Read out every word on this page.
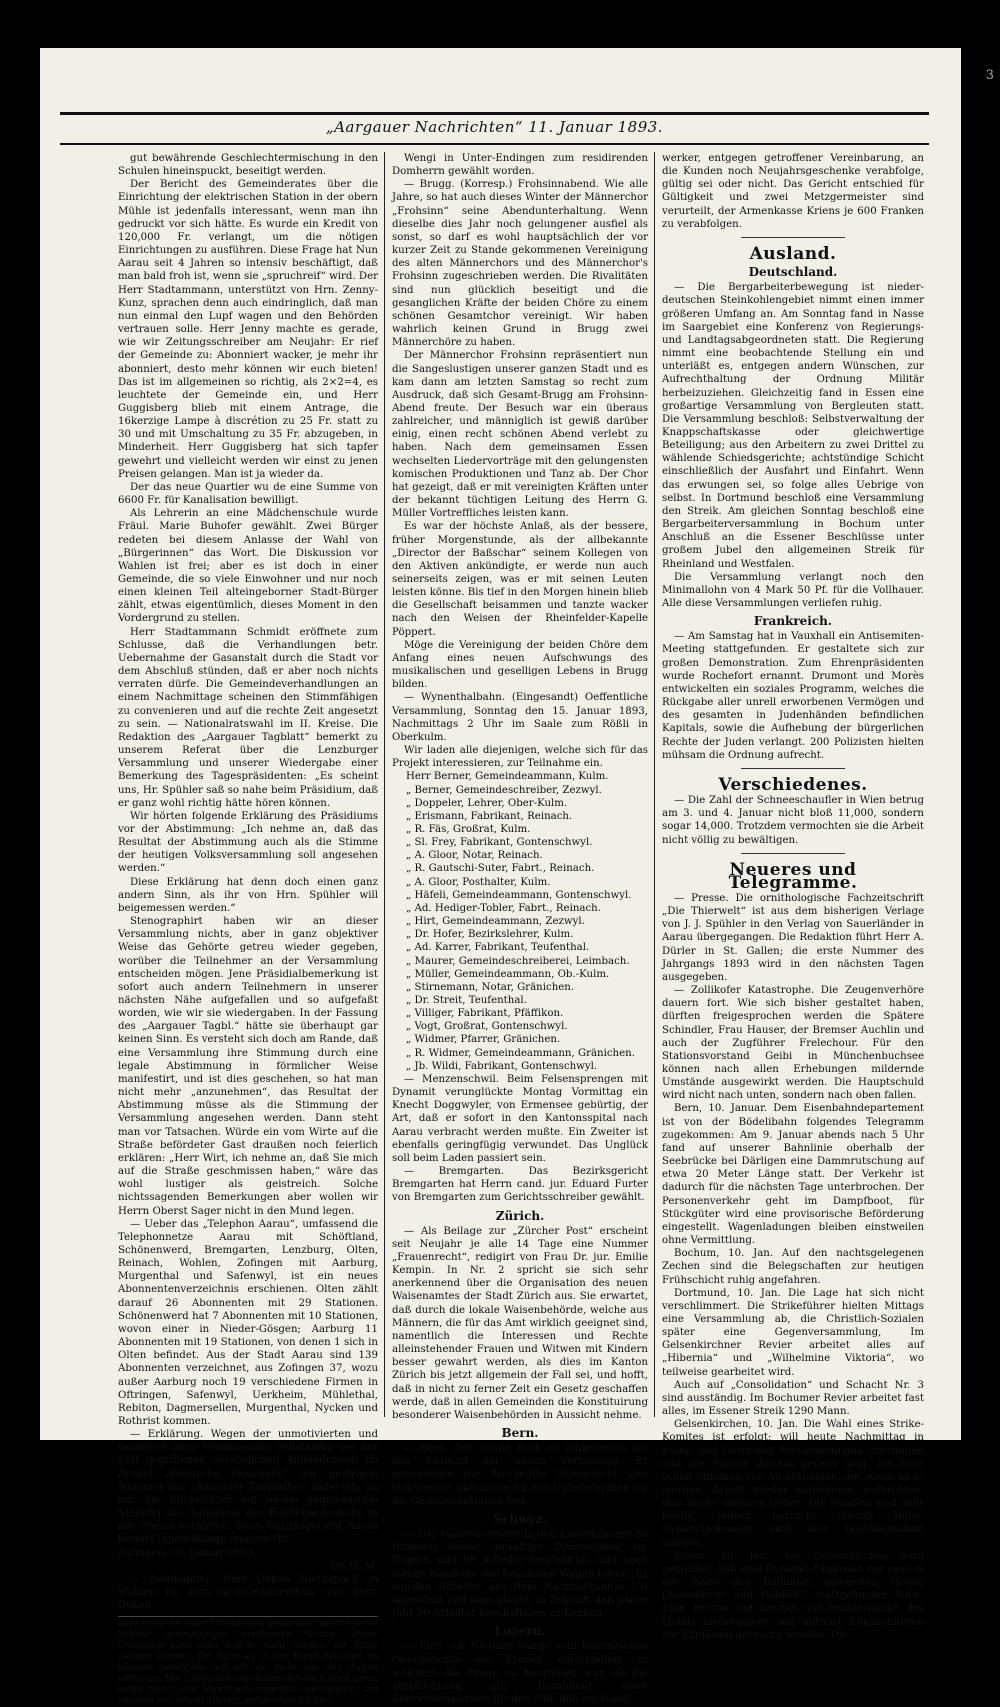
3
„Aargauer Nachrichten“ 11. Januar 1893.

gut bewährende Geschlechtermischung in den Schulen hineinspuckt, beseitigt werden.

Der Bericht des Gemeinderates über die Einrichtung der elektrischen Station in der obern Mühle ist jedenfalls interessant, wenn man ihn gedruckt vor sich hätte. Es wurde ein Kredit von 120,000 Fr. verlangt, um die nötigen Einrichtungen zu ausführen. Diese Frage hat Nun Aarau seit 4 Jahren so intensiv beschäftigt, daß man bald froh ist, wenn sie „spruchreif“ wird. Der Herr Stadtammann, unterstützt von Hrn. Zenny-Kunz, sprachen denn auch eindringlich, daß man nun einmal den Lupf wagen und den Behörden vertrauen solle. Herr Jenny machte es gerade, wie wir Zeitungsschreiber am Neujahr: Er rief der Gemeinde zu: Abonniert wacker, je mehr ihr abonniert, desto mehr können wir euch bieten! Das ist im allgemeinen so richtig, als 2×2=4, es leuchtete der Gemeinde ein, und Herr Guggisberg blieb mit einem Antrage, die 16kerzige Lampe à discrétion zu 25 Fr. statt zu 30 und mit Umschaltung zu 35 Fr. abzugeben, in Minderheit. Herr Guggisberg hat sich tapfer gewehrt und vielleicht werden wir einst zu jenen Preisen gelangen. Man ist ja wieder da.

Der das neue Quartier wu de eine Summe von 6600 Fr. für Kanalisation bewilligt.

Als Lehrerin an eine Mädchenschule wurde Fräul. Marie Buhofer gewählt. Zwei Bürger redeten bei diesem Anlasse der Wahl von „Bürgerinnen“ das Wort. Die Diskussion vor Wahlen ist frei; aber es ist doch in einer Gemeinde, die so viele Einwohner und nur noch einen kleinen Teil alteingeborner Stadt-Bürger zählt, etwas eigentümlich, dieses Moment in den Vordergrund zu stellen.

Herr Stadtammann Schmidt eröffnete zum Schlusse, daß die Verhandlungen betr. Uebernahme der Gasanstalt durch die Stadt vor dem Abschluß stünden, daß er aber noch nichts verraten dürfe. Die Gemeindeverhandlungen an einem Nachmittage scheinen den Stimmfähigen zu convenieren und auf die rechte Zeit angesetzt zu sein. — Nationalratswahl im II. Kreise. Die Redaktion des „Aargauer Tagblatt“ bemerkt zu unserem Referat über die Lenzburger Versammlung und unserer Wiedergabe einer Bemerkung des Tagespräsidenten: „Es scheint uns, Hr. Spühler saß so nahe beim Präsidium, daß er ganz wohl richtig hätte hören können.

Wir hörten folgende Erklärung des Präsidiums vor der Abstimmung: „Ich nehme an, daß das Resultat der Abstimmung auch als die Stimme der heutigen Volksversammlung soll angesehen werden.“

Diese Erklärung hat denn doch einen ganz andern Sinn, als ihr von Hrn. Spühler will beigemessen werden.“

Stenographirt haben wir an dieser Versammlung nichts, aber in ganz objektiver Weise das Gehörte getreu wieder gegeben, worüber die Teilnehmer an der Versammlung entscheiden mögen. Jene Präsidialbemerkung ist sofort auch andern Teilnehmern in unserer nächsten Nähe aufgefallen und so aufgefaßt worden, wie wir sie wiedergaben. In der Fassung des „Aargauer Tagbl.“ hätte sie überhaupt gar keinen Sinn. Es versteht sich doch am Rande, daß eine Versammlung ihre Stimmung durch eine legale Abstimmung in förmlicher Weise manifestirt, und ist dies geschehen, so hat man nicht mehr „anzunehmen“, das Resultat der Abstimmung müsse als die Stimmung der Versammlung angesehen werden. Dann steht man vor Tatsachen. Würde ein vom Wirte auf die Straße befördeter Gast draußen noch feierlich erklären: „Herr Wirt, ich nehme an, daß Sie mich auf die Straße geschmissen haben,“ wäre das wohl lustiger als geistreich. Solche nichtssagenden Bemerkungen aber wollen wir Herrn Oberst Sager nicht in den Mund legen.

— Ueber das „Telephon Aarau“, umfassend die Telephonnetze Aarau mit Schöftland, Schönenwerd, Bremgarten, Lenzburg, Olten, Reinach, Wohlen, Zofingen mit Aarburg, Murgenthal und Safenwyl, ist ein neues Abonnentenverzeichnis erschienen. Olten zählt darauf 26 Abonnenten mit 29 Stationen. Schönenwerd hat 7 Abonnenten mit 10 Stationen, wovon einer in Nieder-Gösgen; Aarburg 11 Abonnenten mit 19 Stationen, von denen 1 sich in Olten befindet. Aus der Stadt Aarau sind 139 Abonnenten verzeichnet, aus Zofingen 37, wozu außer Aarburg noch 19 verschiedene Firmen in Oftringen, Safenwyl, Uerkheim, Mühlethal, Rebiton, Dagmersellen, Murgenthal, Nycken und Rothrist kommen.

— Erklärung. Wegen der unmotivierten und bezüglich ihrer Veranlassung vollständig aus der Luft gegriffenen persönlichen Anfeindungen im Artikel „Politische Heuchelei“ der gestrigen Nummer des „Aargauer Tagblattes“ habe ich, da mir die Rücksichten auf meine gegenwärtige Stellung die Aufnahme des Fehdehandschuhs in der Presse verbieten, beim Bezirksgericht Aarau bereits Injurienklage eingereicht.

Zofingen, 10. Januar 1893.

Dr. H. M.

— Domkapitel. Herr Dekan Nietlispach in Wohlen ist zum nichtresidirenden, und Herr Dekan

oder er ist es unter Umständen geworden, welche seine Schuld geringfügiger erscheinen lassen. Diese Umstände kann aber will er nicht nennen. Ich hätte nennen können. Ich hatte es in der Hand behalten zu können, jedenfalls will ich sie nicht aus den Augen verlieren. Die Untersuchung müßte mir doch noch ganz, wenn nicht jede Voreingenommenheit verbleiben, am ehesten von einem älteren, erfahrenen Richter.

Wengi in Unter-Endingen zum residirenden Domherrn gewählt worden.

— Brugg. (Korresp.) Frohsinnabend. Wie alle Jahre, so hat auch dieses Winter der Männerchor „Frohsinn“ seine Abendunterhaltung. Wenn dieselbe dies Jahr noch gelungener ausfiel als sonst, so darf es wohl hauptsächlich der vor kurzer Zeit zu Stande gekommenen Vereinigung des alten Männerchors und des Männerchor's Frohsinn zugeschrieben werden. Die Rivalitäten sind nun glücklich beseitigt und die gesanglichen Kräfte der beiden Chöre zu einem schönen Gesamtchor vereinigt. Wir haben wahrlich keinen Grund in Brugg zwei Männerchöre zu haben.

Der Männerchor Frohsinn repräsentiert nun die Sangeslustigen unserer ganzen Stadt und es kam dann am letzten Samstag so recht zum Ausdruck, daß sich Gesamt-Brugg am Frohsinn-Abend freute. Der Besuch war ein überaus zahlreicher, und männiglich ist gewiß darüber einig, einen recht schönen Abend verlebt zu haben. Nach dem gemeinsamen Essen wechselten Liedervorträge mit den gelungensten komischen Produktionen und Tanz ab. Der Chor hat gezeigt, daß er mit vereinigten Kräften unter der bekannt tüchtigen Leitung des Herrn G. Müller Vortreffliches leisten kann.

Es war der höchste Anlaß, als der bessere, früher Morgenstunde, als der allbekannte „Director der Baßschar“ seinem Kollegen von den Aktiven ankündigte, er werde nun auch seinerseits zeigen, was er mit seinen Leuten leisten könne. Bis tief in den Morgen hinein blieb die Gesellschaft beisammen und tanzte wacker nach den Weisen der Rheinfelder-Kapelle Pöppert.

Möge die Vereinigung der beiden Chöre dem Anfang eines neuen Aufschwungs des musikalischen und geselligen Lebens in Brugg bilden.

— Wynenthalbahn. (Eingesandt) Oeffentliche Versammlung, Sonntag den 15. Januar 1893, Nachmittags 2 Uhr im Saale zum Rößli in Oberkulm.

Wir laden alle diejenigen, welche sich für das Projekt interessieren, zur Teilnahme ein.

Herr Berner, Gemeindeammann, Kulm.

„ Berner, Gemeindeschreiber, Zezwyl.

„ Doppeler, Lehrer, Ober-Kulm.

„ Erismann, Fabrikant, Reinach.

„ R. Fäs, Großrat, Kulm.

„ Sl. Frey, Fabrikant, Gontenschwyl.

„ A. Gloor, Notar, Reinach.

„ R. Gautschi-Suter, Fabrt., Reinach.

„ A. Gloor, Posthalter, Kulm.

„ Häfeli, Gemeindeammann, Gontenschwyl.

„ Ad. Hediger-Tobler, Fabrt., Reinach.

„ Hirt, Gemeindeammann, Zezwyl.

„ Dr. Hofer, Bezirkslehrer, Kulm.

„ Ad. Karrer, Fabrikant, Teufenthal.

„ Maurer, Gemeindeschreiberei, Leimbach.

„ Müller, Gemeindeammann, Ob.-Kulm.

„ Stirnemann, Notar, Gränichen.

„ Dr. Streit, Teufenthal.

„ Villiger, Fabrikant, Pfäffikon.

„ Vogt, Großrat, Gontenschwyl.

„ Widmer, Pfarrer, Gränichen.

„ R. Widmer, Gemeindeammann, Gränichen.

„ Jb. Wildi, Fabrikant, Gontenschwyl.

— Menzenschwil. Beim Felsensprengen mit Dynamit verunglückte Montag Vormittag ein Knecht Doggwyler, von Ermensee gebürtig, der Art, daß er sofort in den Kantonsspital nach Aarau verbracht werden mußte. Ein Zweiter ist ebenfalls geringfügig verwundet. Das Unglück soll beim Laden passiert sein.

— Bremgarten. Das Bezirksgericht Bremgarten hat Herrn cand. jur. Eduard Furter von Bremgarten zum Gerichtsschreiber gewählt.

Zürich.

— Als Beilage zur „Zürcher Post“ erscheint seit Neujahr je alle 14 Tage eine Nummer „Frauenrecht“, redigirt von Frau Dr. jur. Emilie Kempin. In Nr. 2 spricht sie sich sehr anerkennend über die Organisation des neuen Waisenamtes der Stadt Zürich aus. Sie erwartet, daß durch die lokale Waisenbehörde, welche aus Männern, die für das Amt wirklich geeignet sind, namentlich die Interessen und Rechte alleinstehender Frauen und Witwen mit Kindern besser gewahrt werden, als dies im Kanton Zürich bis jetzt allgemein der Fall sei, und hofft, daß in nicht zu ferner Zeit ein Gesetz geschaffen werde, daß in allen Gemeinden die Konstituirung besonderer Waisenbehörden in Aussicht nehme.

Bern.

— Bern. Der Große Rath ist eingetreten auf den Entwurf der neuen Verfassung. Er genehmigte die Abschnitte Stimmrecht und Volksrechte und setzte 12,000 Unterschriften für die Gesetzesinitiative fest.

Schwyz.

— Der Waarenverkehr in den Lagerhäusern zu Brunnen nimmt gewaltige Dimensionen an. Täglich sind 90 Arbeiter beschäftigt, und noch stehen hunderte von beladenen Wagen bereit. Es wurden Arbeiter aus dem Nachbarkanton Uri angestellt und man glaubt, in Zukunft daß ganze Jahr 50 Arbeiter beschäftigen zu können.

Luzern.

— Kurz vor Neujahr wurde vom luzernischen Obergerichte ein Prozeß entschieden, in welchem die Frage zu beurteilen war, ob die Verpflichtung zur Bezahlung einer Konventionalstrafe für den Fall, daß ein Hand-

werker, entgegen getroffener Vereinbarung, an die Kunden noch Neujahrsgeschenke verabfolge, gültig sei oder nicht. Das Gericht entschied für Gültigkeit und zwei Metzgermeister sind verurteilt, der Armenkasse Kriens je 600 Franken zu verabfolgen.

Ausland.
Deutschland.

— Die Bergarbeiterbewegung ist nieder-deutschen Steinkohlengebiet nimmt einen immer größeren Umfang an. Am Sonntag fand in Nasse im Saargebiet eine Konferenz von Regierungs- und Landtagsabgeordneten statt. Die Regierung nimmt eine beobachtende Stellung ein und unterläßt es, entgegen andern Wünschen, zur Aufrechthaltung der Ordnung Militär herbeizuziehen. Gleichzeitig fand in Essen eine großartige Versammlung von Bergleuten statt. Die Versammlung beschloß: Selbstverwaltung der Knappschaftskasse oder gleichwertige Beteiligung; aus den Arbeitern zu zwei Drittel zu wählende Schiedsgerichte; achtstündige Schicht einschließlich der Ausfahrt und Einfahrt. Wenn das erwungen sei, so folge alles Uebrige von selbst. In Dortmund beschloß eine Versammlung den Streik. Am gleichen Sonntag beschloß eine Bergarbeiterversammlung in Bochum unter Anschluß an die Essener Beschlüsse unter großem Jubel den allgemeinen Streik für Rheinland und Westfalen.

Die Versammlung verlangt noch den Minimallohn von 4 Mark 50 Pf. für die Vollhauer. Alle diese Versammlungen verliefen ruhig.

Frankreich.

— Am Samstag hat in Vauxhall ein Antisemiten-Meeting stattgefunden. Er gestaltete sich zur großen Demonstration. Zum Ehrenpräsidenten wurde Rochefort ernannt. Drumont und Morès entwickelten ein soziales Programm, welches die Rückgabe aller unrell erworbenen Vermögen und des gesamten in Judenhänden befindlichen Kapitals, sowie die Aufhebung der bürgerlichen Rechte der Juden verlangt. 200 Polizisten hielten mühsam die Ordnung aufrecht.

Verschiedenes.

— Die Zahl der Schneeschaufler in Wien betrug am 3. und 4. Januar nicht bloß 11,000, sondern sogar 14,000. Trotzdem vermochten sie die Arbeit nicht völlig zu bewältigen.

Neueres und Telegramme.

— Presse. Die ornithologische Fachzeitschrift „Die Thierwelt“ ist aus dem bisherigen Verlage von J. J. Spühler in den Verlag von Sauerländer in Aarau übergegangen. Die Redaktion führt Herr A. Dürler in St. Gallen; die erste Nummer des Jahrgangs 1893 wird in den nächsten Tagen ausgegeben.

— Zollikofer Katastrophe. Die Zeugenverhöre dauern fort. Wie sich bisher gestaltet haben, dürften freigesprochen werden die Spätere Schindler, Frau Hauser, der Bremser Auchlin und auch der Zugführer Frelechour. Für den Stationsvorstand Geibi in Münchenbuchsee können nach allen Erhebungen mildernde Umstände ausgewirkt werden. Die Hauptschuld wird nicht nach unten, sondern nach oben fallen.

Bern, 10. Januar. Dem Eisenbahndepartement ist von der Bödelibahn folgendes Telegramm zugekommen: Am 9. Januar abends nach 5 Uhr fand auf unserer Bahnlinie oberhalb der Seebrücke bei Därligen eine Dammrutschung auf etwa 20 Meter Länge statt. Der Verkehr ist dadurch für die nächsten Tage unterbrochen. Der Personenverkehr geht im Dampfboot, für Stückgüter wird eine provisorische Beförderung eingestellt. Wagenladungen bleiben einstweilen ohne Vermittlung.

Bochum, 10. Jan. Auf den nachtsgelegenen Zechen sind die Belegschaften zur heutigen Frühschicht ruhig angefahren.

Dortmund, 10. Jan. Die Lage hat sich nicht verschlimmert. Die Strikeführer hielten Mittags eine Versammlung ab, die Christlich-Sozialen später eine Gegenversammlung, Im Gelsenkirchner Revier arbeitet alles auf „Hibernia“ und „Wilhelmine Viktoria“, wo teilweise gearbeitet wird.

Auch auf „Consolidation“ und Schacht Nr. 3 sind ausständig. Im Bochumer Revier arbeitet fast alles, im Essener Streik 1290 Mann.

Gelsenkirchen, 10. Jan. Die Wahl eines Strike-Komites ist erfolgt; will heute Nachmittag in Essen und Dortmund Versammlungen stattfinden und die Führer dorthin gereist sind. Ich höre schon Stimmen von Ausständigen, die, wenn nicht morgen, Arbeit wieder aufnehmen, befürchten, ihre Sache verloren geben. Die Straßen sind sehr belebt, jedoch herrscht überall Ruhe. Dynamitpatronen sind hier beschlagnahmt worden.

Essen, 10. Jan. Aus Gelsenkirchen wird gemeldet, daß eine Dynamit-Explosion vor zwei in der Nähe des Bahnhofs gelegenen Hotels (Baumeister und Dobbele) stattgefunden habe. Eine Person soll hierbei auf Fensterbänke des Hotels niedergelegt und mittelst Zündschnüren zur Explosion gebracht worden. Die
